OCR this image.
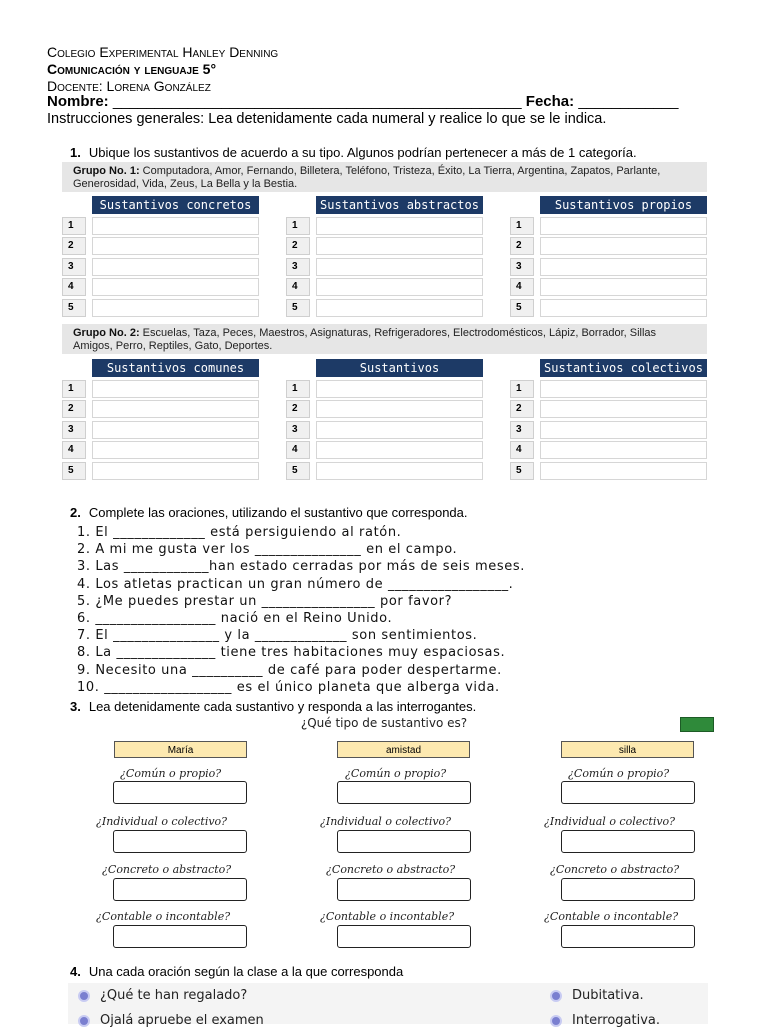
Colegio Experimental Hanley Denning
Comunicación y lenguaje 5°
Docente: Lorena González
Nombre: _________________________________________________ Fecha: ____________
Instrucciones generales: Lea detenidamente cada numeral y realice lo que se le indica.
1. Ubique los sustantivos de acuerdo a su tipo. Algunos podrían pertenecer a más de 1 categoría.
Grupo No. 1: Computadora, Amor, Fernando, Billetera, Teléfono, Tristeza, Éxito, La Tierra, Argentina, Zapatos, Parlante, Generosidad, Vida, Zeus, La Bella y la Bestia.
Sustantivos concretos
1
2
3
4
5
Sustantivos abstractos
1
2
3
4
5
Sustantivos propios
1
2
3
4
5
Grupo No. 2: Escuelas, Taza, Peces, Maestros, Asignaturas, Refrigeradores, Electrodomésticos, Lápiz, Borrador, Sillas Amigos, Perro, Reptiles, Gato, Deportes.
Sustantivos comunes
1
2
3
4
5
Sustantivos
1
2
3
4
5
Sustantivos colectivos
1
2
3
4
5
2. Complete las oraciones, utilizando el sustantivo que corresponda.
1. El _____________ está persiguiendo al ratón.
2. A mi me gusta ver los _______________ en el campo.
3. Las ____________han estado cerradas por más de seis meses.
4. Los atletas practican un gran número de _________________.
5. ¿Me puedes prestar un ________________ por favor?
6. _________________ nació en el Reino Unido.
7. El _______________ y la _____________ son sentimientos.
8. La ______________ tiene tres habitaciones muy espaciosas.
9. Necesito una __________ de café para poder despertarme.
10. __________________ es el único planeta que alberga vida.
3. Lea detenidamente cada sustantivo y responda a las interrogantes.
¿Qué tipo de sustantivo es?
María
¿Común o propio?
¿Individual o colectivo?
¿Concreto o abstracto?
¿Contable o incontable?
amistad
¿Común o propio?
¿Individual o colectivo?
¿Concreto o abstracto?
¿Contable o incontable?
silla
¿Común o propio?
¿Individual o colectivo?
¿Concreto o abstracto?
¿Contable o incontable?
4. Una cada oración según la clase a la que corresponda
¿Qué te han regalado?
Ojalá apruebe el examen
Dubitativa.
Interrogativa.
